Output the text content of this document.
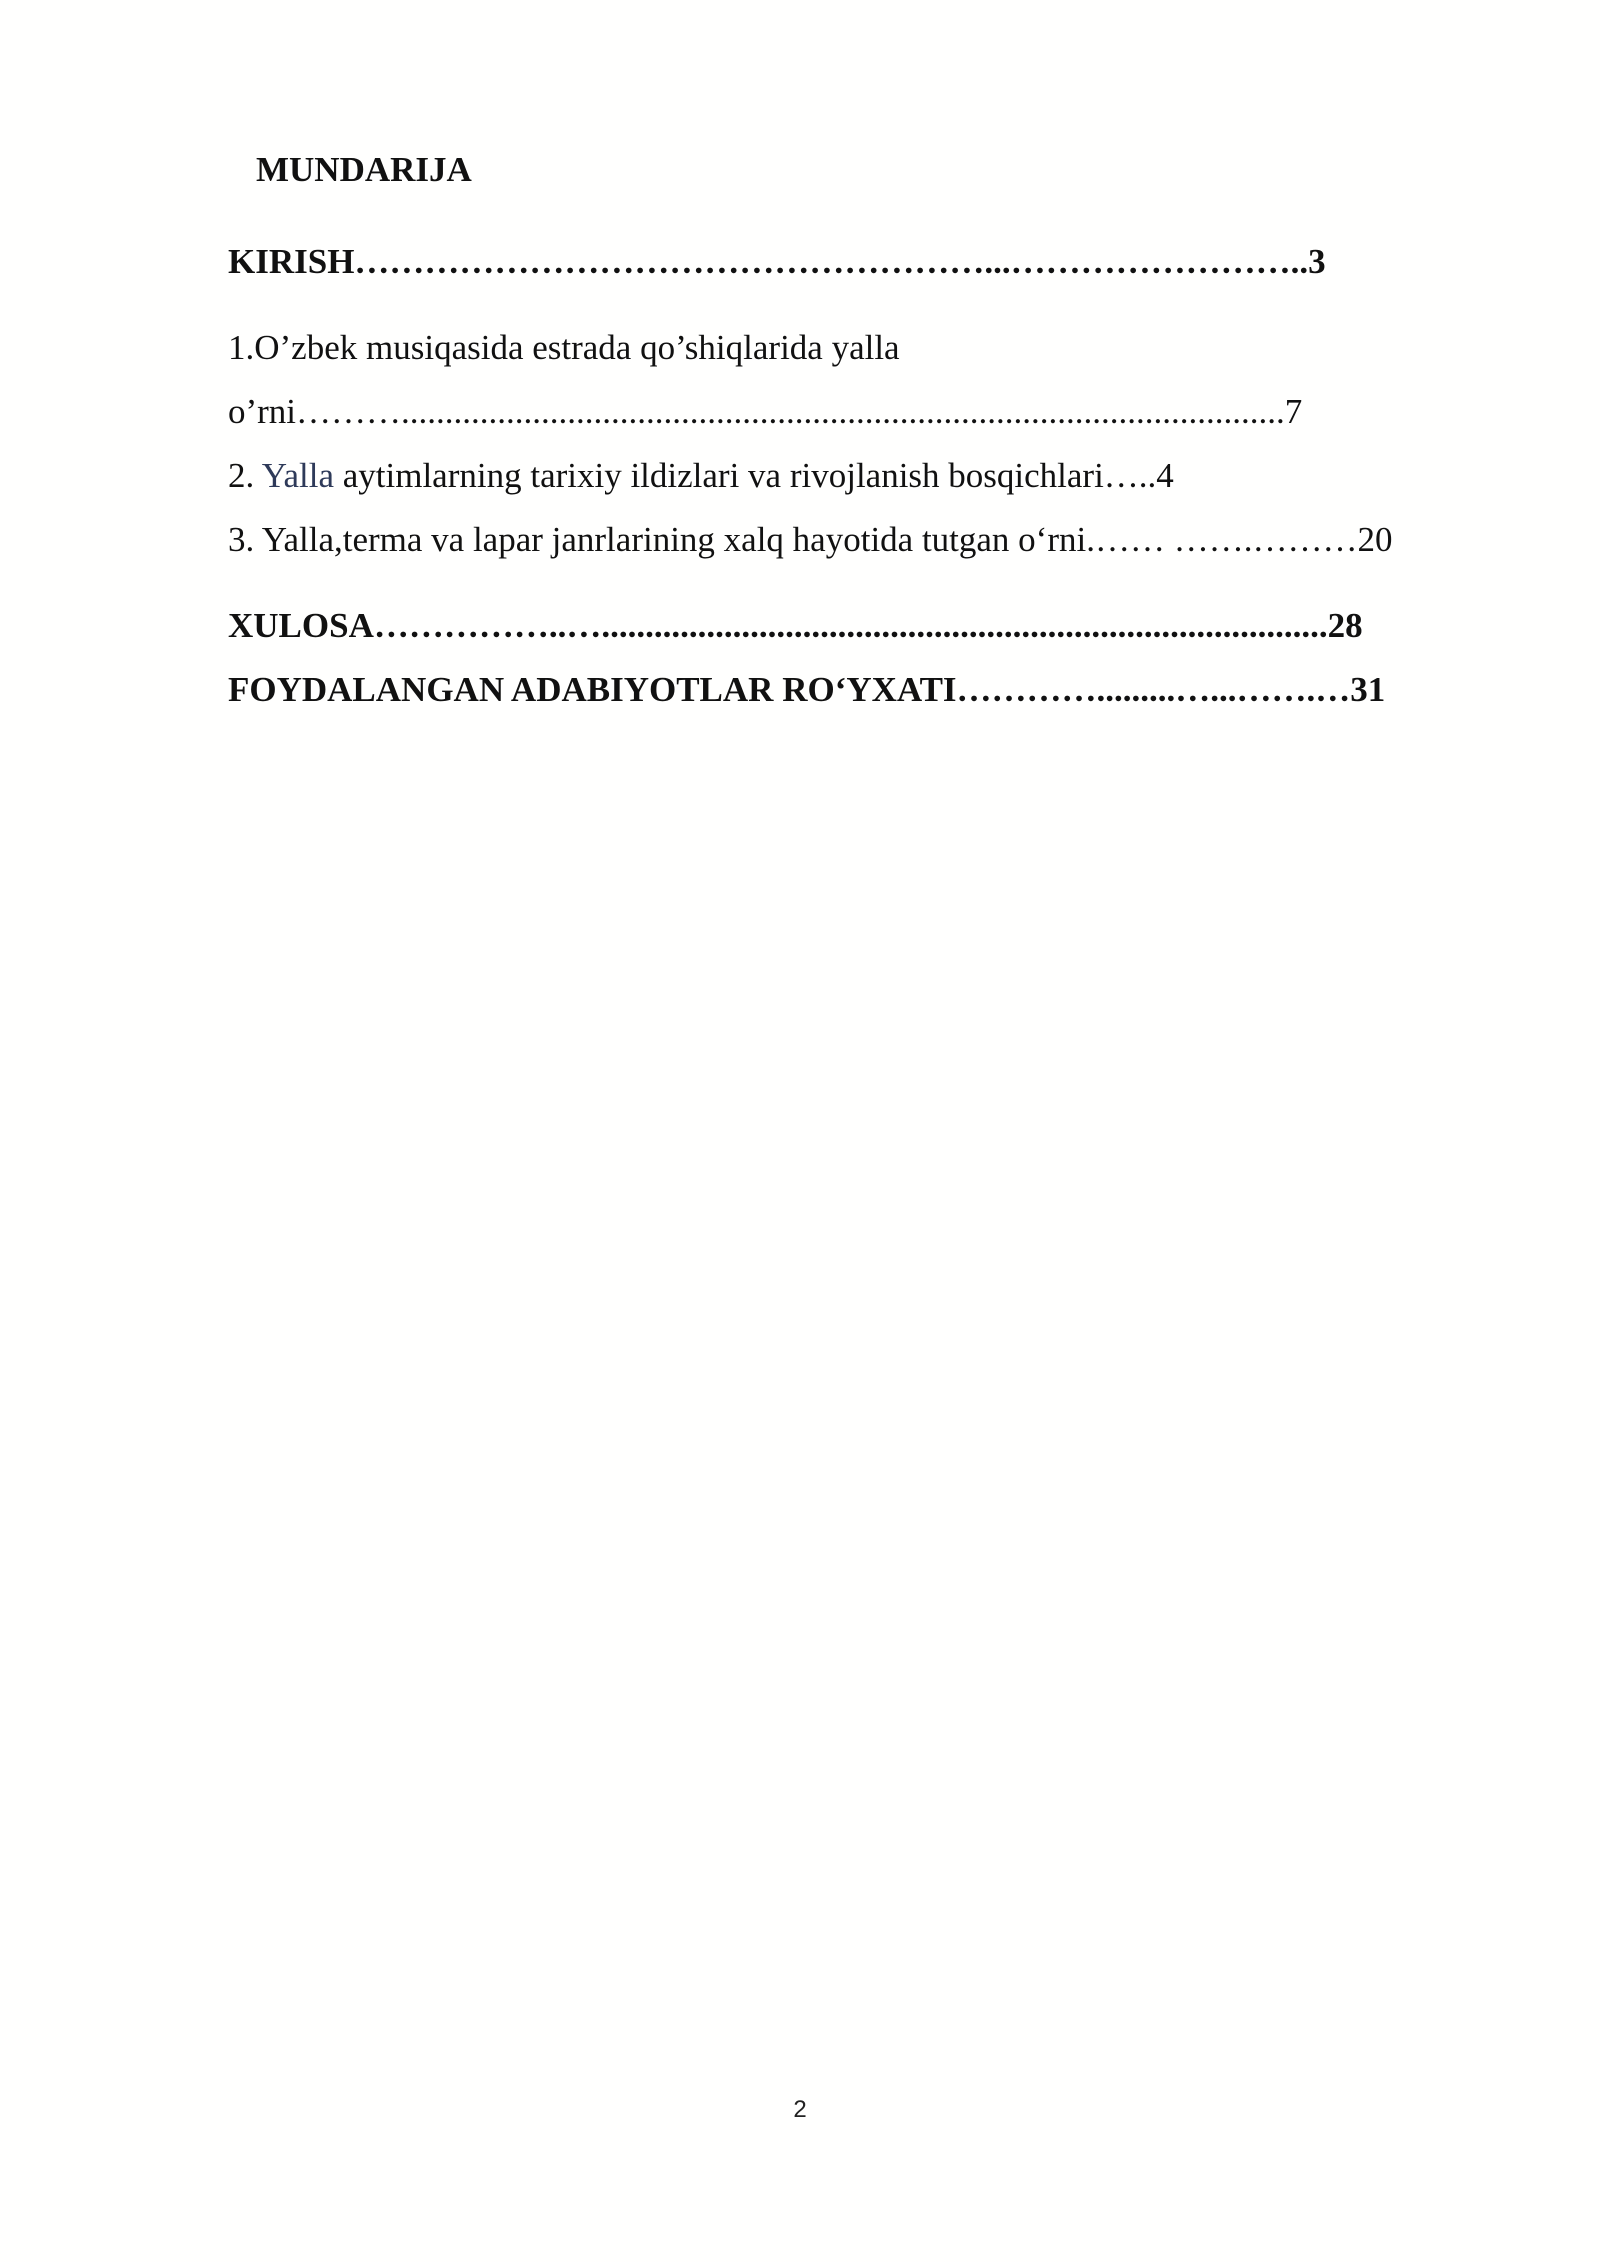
MUNDARIJA
KIRISH………………………………………………...……………………..3
1.O’zbek musiqasida estrada qo’shiqlarida yalla
o’rni……….....................................................................................................7
2. Yalla aytimlarning tarixiy ildizlari va rivojlanish bosqichlari…..4
3. Yalla,terma va lapar janrlarining xalq hayotida tutgan o‘rni.…… …….………20
XULOSA……………..…...................................................................................28
FOYDALANGAN ADABIYOTLAR RO‘YXATI………….........…...…….…31
2
